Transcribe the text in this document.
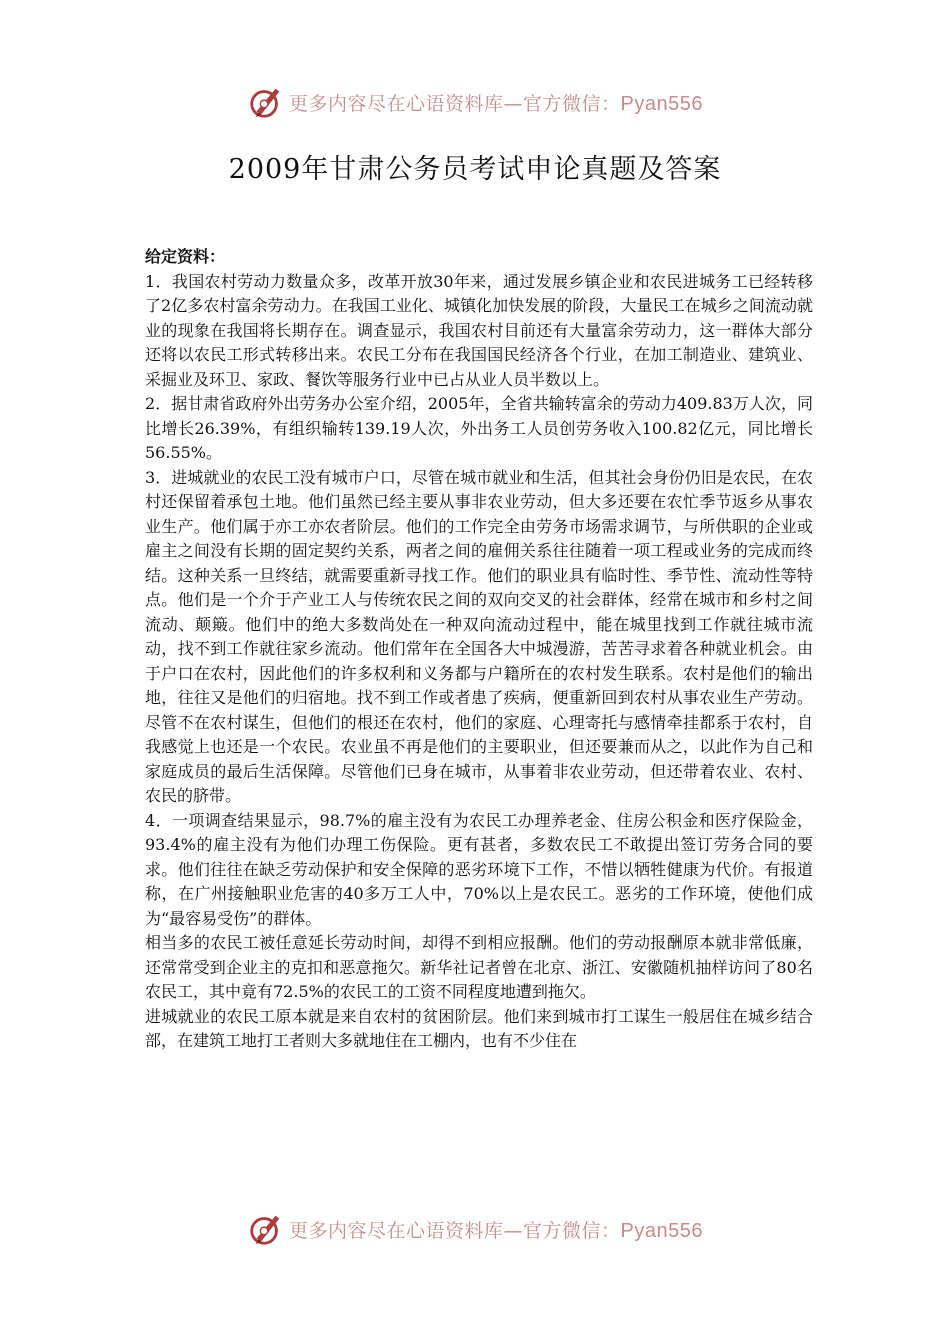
更多内容尽在心语资料库—官方微信：Pyan556
2009年甘肃公务员考试申论真题及答案

给定资料：

1．我国农村劳动力数量众多，改革开放30年来，通过发展乡镇企业和农民进城务工已经转移了2亿多农村富余劳动力。在我国工业化、城镇化加快发展的阶段，大量民工在城乡之间流动就业的现象在我国将长期存在。调查显示，我国农村目前还有大量富余劳动力，这一群体大部分还将以农民工形式转移出来。农民工分布在我国国民经济各个行业，在加工制造业、建筑业、采掘业及环卫、家政、餐饮等服务行业中已占从业人员半数以上。

2．据甘肃省政府外出劳务办公室介绍，2005年，全省共输转富余的劳动力409.83万人次，同比增长26.39%，有组织输转139.19人次，外出务工人员创劳务收入100.82亿元，同比增长56.55%。

3．进城就业的农民工没有城市户口，尽管在城市就业和生活，但其社会身份仍旧是农民，在农村还保留着承包土地。他们虽然已经主要从事非农业劳动，但大多还要在农忙季节返乡从事农业生产。他们属于亦工亦农者阶层。他们的工作完全由劳务市场需求调节，与所供职的企业或雇主之间没有长期的固定契约关系，两者之间的雇佣关系往往随着一项工程或业务的完成而终结。这种关系一旦终结，就需要重新寻找工作。他们的职业具有临时性、季节性、流动性等特点。他们是一个介于产业工人与传统农民之间的双向交叉的社会群体，经常在城市和乡村之间流动、颠簸。他们中的绝大多数尚处在一种双向流动过程中，能在城里找到工作就往城市流动，找不到工作就往家乡流动。他们常年在全国各大中城漫游，苦苦寻求着各种就业机会。由于户口在农村，因此他们的许多权利和义务都与户籍所在的农村发生联系。农村是他们的输出地，往往又是他们的归宿地。找不到工作或者患了疾病，便重新回到农村从事农业生产劳动。尽管不在农村谋生，但他们的根还在农村，他们的家庭、心理寄托与感情牵挂都系于农村，自我感觉上也还是一个农民。农业虽不再是他们的主要职业，但还要兼而从之，以此作为自己和家庭成员的最后生活保障。尽管他们已身在城市，从事着非农业劳动，但还带着农业、农村、农民的脐带。

4．一项调查结果显示，98.7%的雇主没有为农民工办理养老金、住房公积金和医疗保险金，93.4%的雇主没有为他们办理工伤保险。更有甚者，多数农民工不敢提出签订劳务合同的要求。他们往往在缺乏劳动保护和安全保障的恶劣环境下工作，不惜以牺牲健康为代价。有报道称，在广州接触职业危害的40多万工人中，70%以上是农民工。恶劣的工作环境，使他们成为“最容易受伤”的群体。

相当多的农民工被任意延长劳动时间，却得不到相应报酬。他们的劳动报酬原本就非常低廉，还常常受到企业主的克扣和恶意拖欠。新华社记者曾在北京、浙江、安徽随机抽样访问了80名农民工，其中竟有72.5%的农民工的工资不同程度地遭到拖欠。

进城就业的农民工原本就是来自农村的贫困阶层。他们来到城市打工谋生一般居住在城乡结合部，在建筑工地打工者则大多就地住在工棚内，也有不少住在

更多内容尽在心语资料库—官方微信：Pyan556
